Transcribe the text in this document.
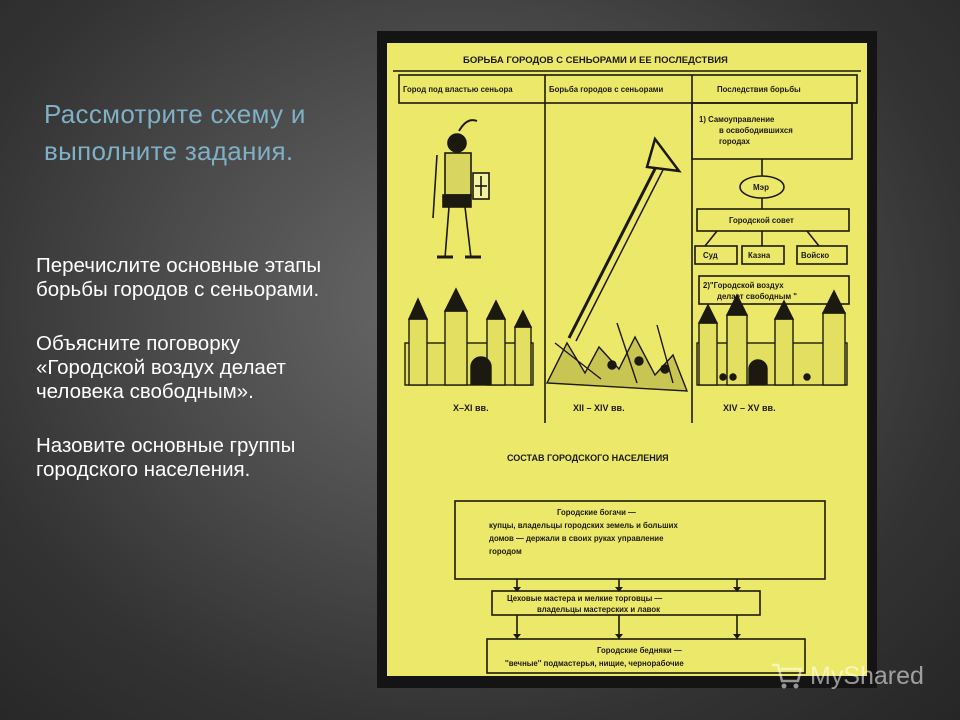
Рассмотрите схему и выполните задания.
Перечислите основные этапы борьбы городов с сеньорами.
Объясните поговорку «Городской воздух делает человека свободным».
Назовите основные группы городского населения.
БОРЬБА ГОРОДОВ С СЕНЬОРАМИ И ЕЕ ПОСЛЕДСТВИЯ
Город под властью сеньора	Борьба городов с сеньорами	Последствия борьбы
1) Самоуправление
в освободившихся
городах
Мэр
Городской совет
Суд	Казна	Войско
2)"Городской воздух
делает свободным "
X–XI вв.	XII – XIV вв.	XIV – XV вв.
СОСТАВ ГОРОДСКОГО НАСЕЛЕНИЯ
Городские богачи —
купцы, владельцы городских земель и больших
домов — держали в своих руках управление
городом
Цеховые мастера и мелкие торговцы —
владельцы мастерских и лавок
Городские бедняки —
''вечные'' подмастерья, нищие, чернорабочие	MyShared
